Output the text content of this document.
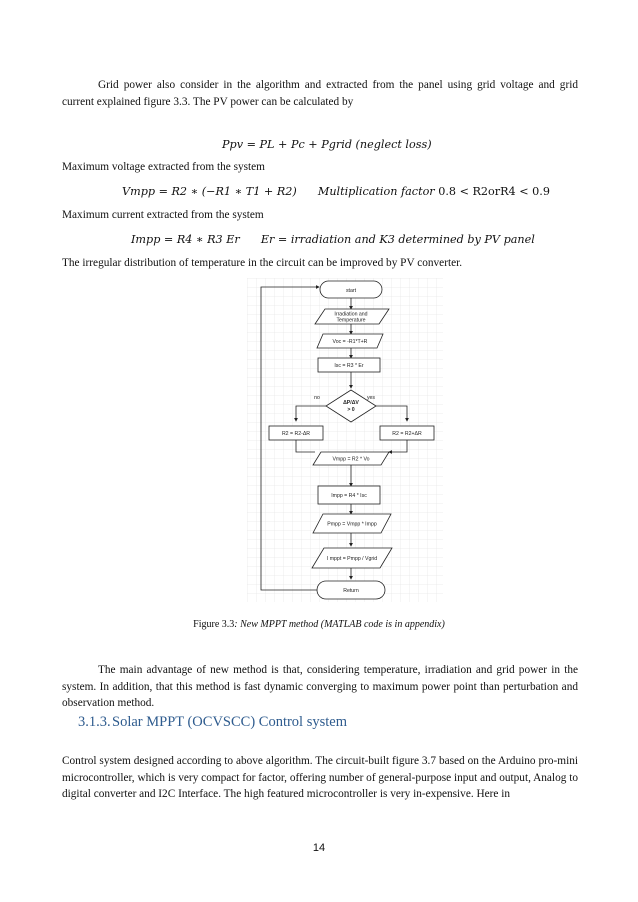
Grid power also consider in the algorithm and extracted from the panel using grid voltage and grid current explained figure 3.3. The PV power can be calculated by
Ppv = PL + Pc + Pgrid (neglect loss)
Maximum voltage extracted from the system
Vmpp = R2 ∗ (−R1 ∗ T1 + R2) Multiplication factor 0.8 < R2orR4 < 0.9
Maximum current extracted from the system
Impp = R4 ∗ R3 Er Er = irradiation and K3 determined by PV panel
The irregular distribution of temperature in the circuit can be improved by PV converter.
start
Irradiation and
Temperature
Voc = -R1*T+R
Isc = R3 * Er
ΔP/ΔV
> 0
no	yes
R2 = R2-ΔR	R2 = R2+ΔR
Vmpp = R2 * Vo
Impp = R4 * Isc
Pmpp = Vmpp * Impp
I mppt = Pmpp / Vgrid
Return
Figure 3.3: New MPPT method (MATLAB code is in appendix)
The main advantage of new method is that, considering temperature, irradiation and grid power in the system. In addition, that this method is fast dynamic converging to maximum power point than perturbation and observation method.
3.1.3.Solar MPPT (OCVSCC) Control system
Control system designed according to above algorithm. The circuit-built figure 3.7 based on the Arduino pro-mini microcontroller, which is very compact for factor, offering number of general-purpose input and output, Analog to digital converter and I2C Interface. The high featured microcontroller is very in-expensive. Here in
14
